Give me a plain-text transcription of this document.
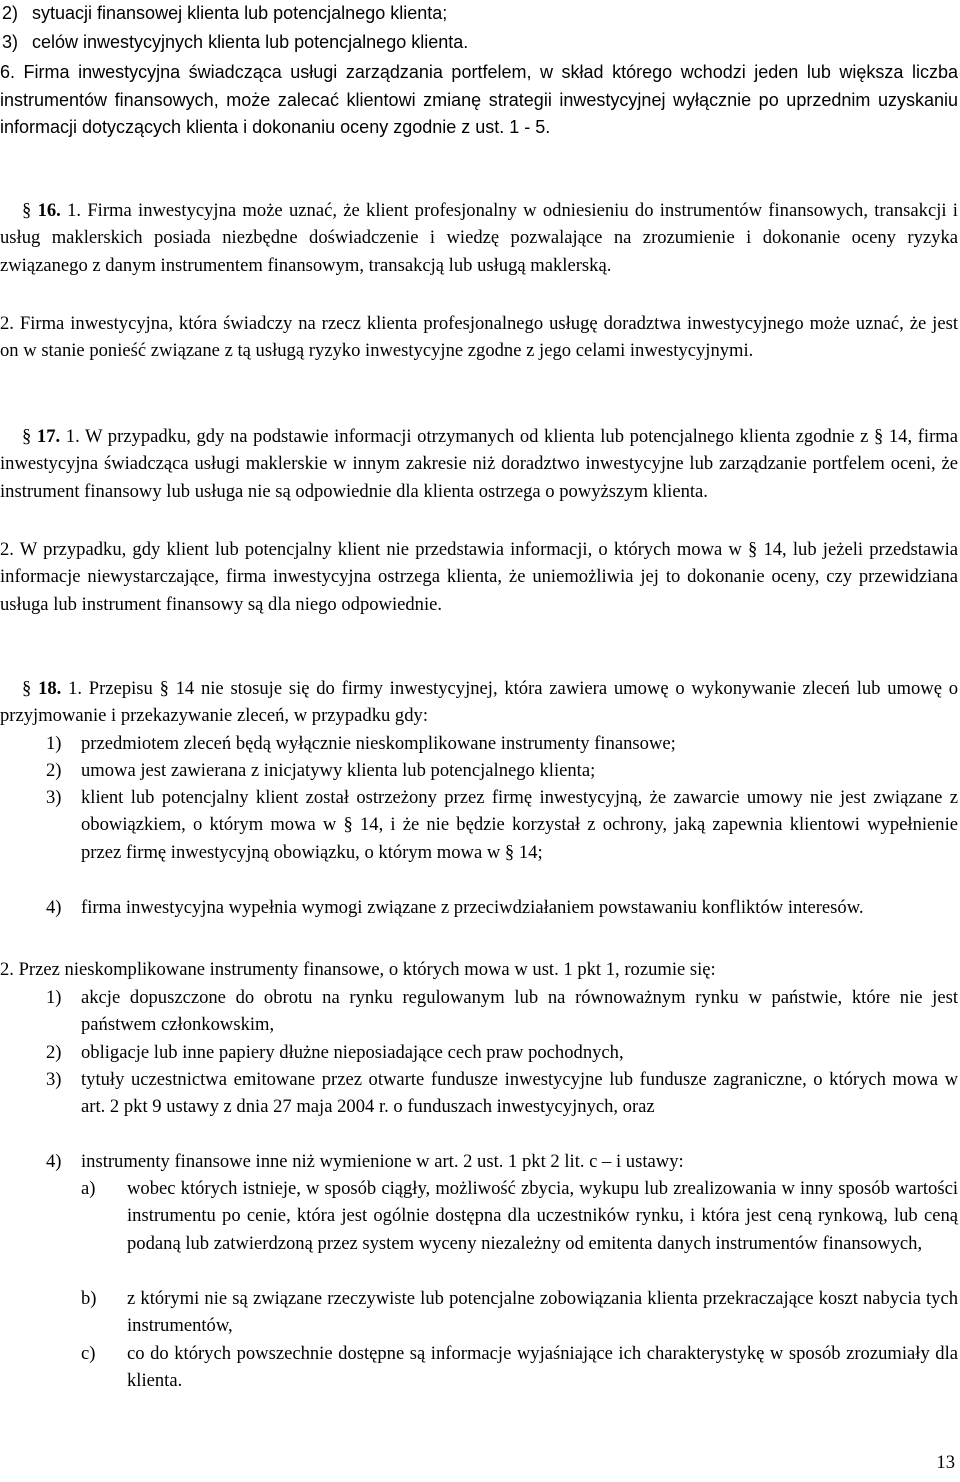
2) sytuacji finansowej klienta lub potencjalnego klienta;
3) celów inwestycyjnych klienta lub potencjalnego klienta.

6. Firma inwestycyjna świadcząca usługi zarządzania portfelem, w skład którego wchodzi jeden lub większa liczba instrumentów finansowych, może zalecać klientowi zmianę strategii inwestycyjnej wyłącznie po uprzednim uzyskaniu informacji dotyczących klienta i dokonaniu oceny zgodnie z ust. 1 - 5.

§ 16. 1. Firma inwestycyjna może uznać, że klient profesjonalny w odniesieniu do instrumentów finansowych, transakcji i usług maklerskich posiada niezbędne doświadczenie i wiedzę pozwalające na zrozumienie i dokonanie oceny ryzyka związanego z danym instrumentem finansowym, transakcją lub usługą maklerską.

2. Firma inwestycyjna, która świadczy na rzecz klienta profesjonalnego usługę doradztwa inwestycyjnego może uznać, że jest on w stanie ponieść związane z tą usługą ryzyko inwestycyjne zgodne z jego celami inwestycyjnymi.

§ 17. 1. W przypadku, gdy na podstawie informacji otrzymanych od klienta lub potencjalnego klienta zgodnie z § 14, firma inwestycyjna świadcząca usługi maklerskie w innym zakresie niż doradztwo inwestycyjne lub zarządzanie portfelem oceni, że instrument finansowy lub usługa nie są odpowiednie dla klienta ostrzega o powyższym klienta.

2. W przypadku, gdy klient lub potencjalny klient nie przedstawia informacji, o których mowa w § 14, lub jeżeli przedstawia informacje niewystarczające, firma inwestycyjna ostrzega klienta, że uniemożliwia jej to dokonanie oceny, czy przewidziana usługa lub instrument finansowy są dla niego odpowiednie.

§ 18. 1. Przepisu § 14 nie stosuje się do firmy inwestycyjnej, która zawiera umowę o wykonywanie zleceń lub umowę o przyjmowanie i przekazywanie zleceń, w przypadku gdy:
1) przedmiotem zleceń będą wyłącznie nieskomplikowane instrumenty finansowe;
2) umowa jest zawierana z inicjatywy klienta lub potencjalnego klienta;
3) klient lub potencjalny klient został ostrzeżony przez firmę inwestycyjną, że zawarcie umowy nie jest związane z obowiązkiem, o którym mowa w § 14, i że nie będzie korzystał z ochrony, jaką zapewnia klientowi wypełnienie przez firmę inwestycyjną obowiązku, o którym mowa w § 14;
4) firma inwestycyjna wypełnia wymogi związane z przeciwdziałaniem powstawaniu konfliktów interesów.

2. Przez nieskomplikowane instrumenty finansowe, o których mowa w ust. 1 pkt 1, rozumie się:

1) akcje dopuszczone do obrotu na rynku regulowanym lub na równoważnym rynku w państwie, które nie jest państwem członkowskim,
2) obligacje lub inne papiery dłużne nieposiadające cech praw pochodnych,
3) tytuły uczestnictwa emitowane przez otwarte fundusze inwestycyjne lub fundusze zagraniczne, o których mowa w art. 2 pkt 9 ustawy z dnia 27 maja 2004 r. o funduszach inwestycyjnych, oraz
4) instrumenty finansowe inne niż wymienione w art. 2 ust. 1 pkt 2 lit. c – i ustawy:
a) wobec których istnieje, w sposób ciągły, możliwość zbycia, wykupu lub zrealizowania w inny sposób wartości instrumentu po cenie, która jest ogólnie dostępna dla uczestników rynku, i która jest ceną rynkową, lub ceną podaną lub zatwierdzoną przez system wyceny niezależny od emitenta danych instrumentów finansowych,
b) z którymi nie są związane rzeczywiste lub potencjalne zobowiązania klienta przekraczające koszt nabycia tych instrumentów,
c) co do których powszechnie dostępne są informacje wyjaśniające ich charakterystykę w sposób zrozumiały dla klienta.
13
